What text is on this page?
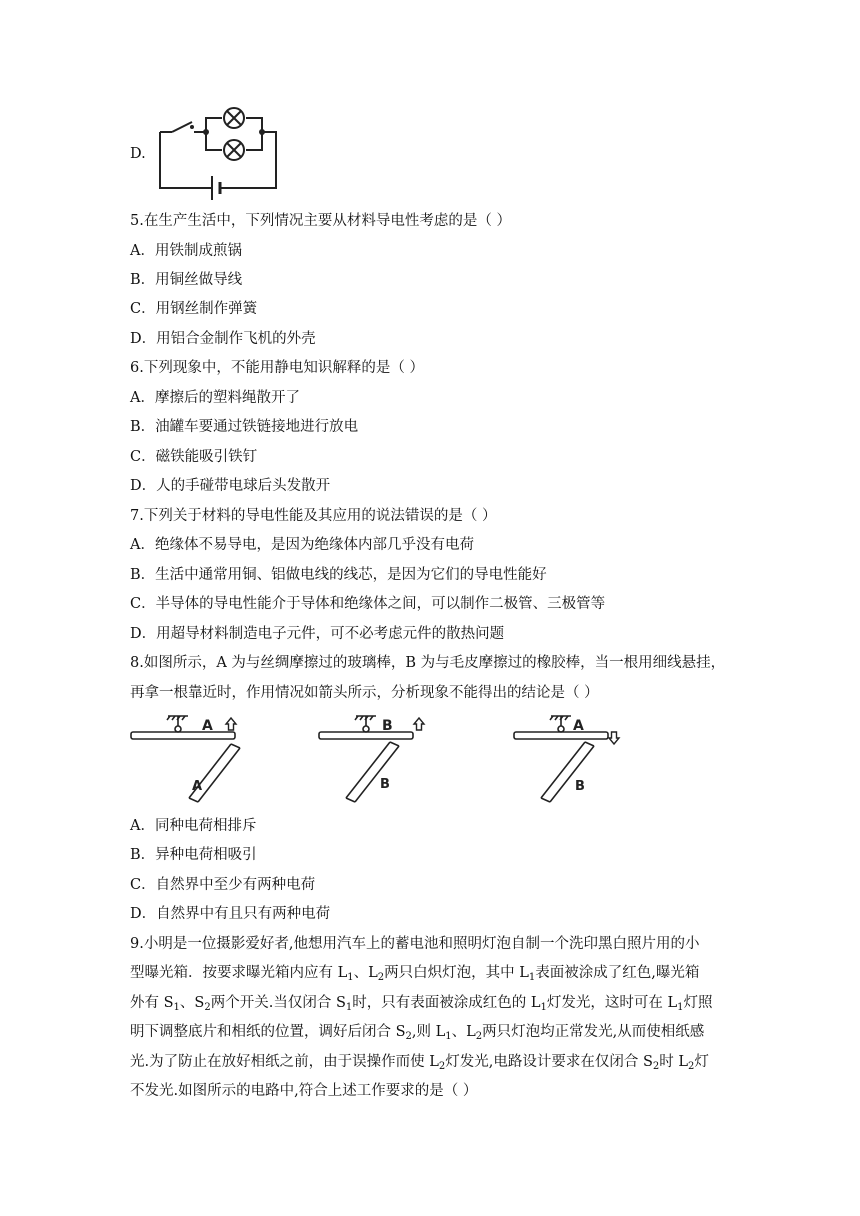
D.
5.在生产生活中，下列情况主要从材料导电性考虑的是（ ）
A．用铁制成煎锅
B．用铜丝做导线
C．用钢丝制作弹簧
D．用铝合金制作飞机的外壳
6.下列现象中，不能用静电知识解释的是（ ）
A．摩擦后的塑料绳散开了
B．油罐车要通过铁链接地进行放电
C．磁铁能吸引铁钉
D．人的手碰带电球后头发散开
7.下列关于材料的导电性能及其应用的说法错误的是（ ）
A．绝缘体不易导电，是因为绝缘体内部几乎没有电荷
B．生活中通常用铜、铝做电线的线芯，是因为它们的导电性能好
C．半导体的导电性能介于导体和绝缘体之间，可以制作二极管、三极管等
D．用超导材料制造电子元件，可不必考虑元件的散热问题
8.如图所示，A 为与丝绸摩擦过的玻璃棒，B 为与毛皮摩擦过的橡胶棒，当一根用细线悬挂，
再拿一根靠近时，作用情况如箭头所示，分析现象不能得出的结论是（ ）
A
A
B
B
A
B
A．同种电荷相排斥
B．异种电荷相吸引
C．自然界中至少有两种电荷
D．自然界中有且只有两种电荷
9.小明是一位摄影爱好者,他想用汽车上的蓄电池和照明灯泡自制一个洗印黑白照片用的小
型曝光箱．按要求曝光箱内应有 $L_1$、$L_2$两只白炽灯泡，其中 $L_1$表面被涂成了红色,曝光箱
外有 $S_1$、$S_2$两个开关.当仅闭合 $S_1$时，只有表面被涂成红色的 $L_1$灯发光，这时可在 $L_1$灯照
明下调整底片和相纸的位置，调好后闭合 $S_2$,则 $L_1$、$L_2$两只灯泡均正常发光,从而使相纸感
光.为了防止在放好相纸之前，由于误操作而使 $L_2$灯发光,电路设计要求在仅闭合 $S_2$时 $L_2$灯
不发光.如图所示的电路中,符合上述工作要求的是（ ）
